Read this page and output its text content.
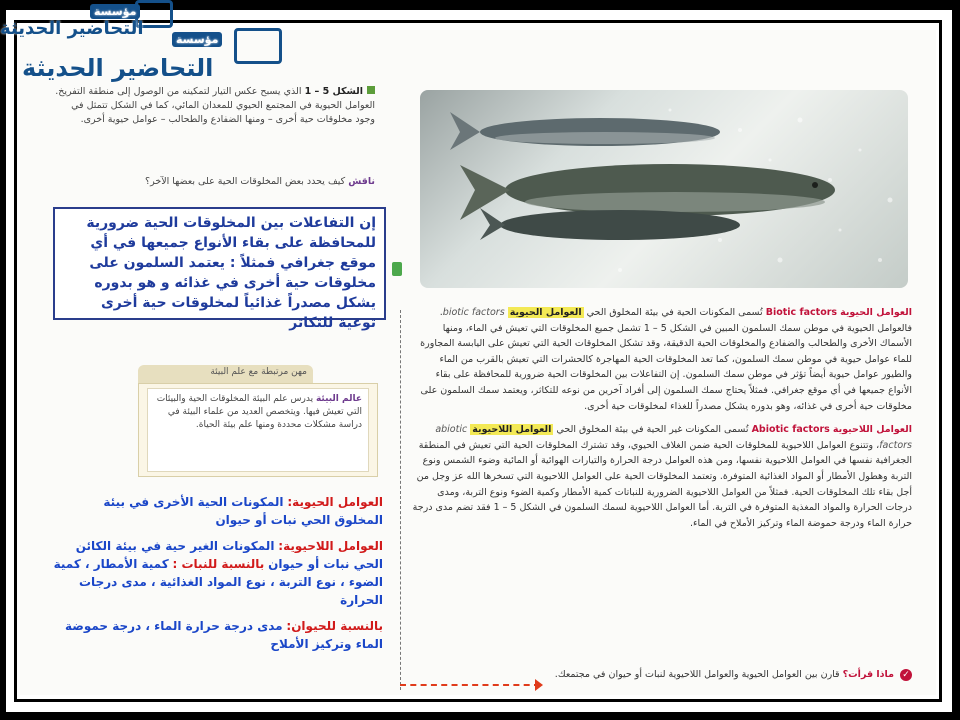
الشكل 5 – 1 الذي يسبح عكس التيار لتمكينه من الوصول إلى منطقة التفريخ. العوامل الحيوية في المجتمع الحيوي للمعدان المائي، كما في الشكل تتمثل في وجود مخلوقات حية أخرى – ومنها الضفادع والطحالب – عوامل حيوية أخرى.
ناقش كيف يحدد بعض المخلوقات الحية على بعضها الآخر؟
إن التفاعلات بين المخلوقات الحية ضرورية للمحافظة على بقاء الأنواع جميعها في أي موقع جغرافي فمثلاً : يعتمد السلمون على مخلوقات حية أخرى في غذائه و هو بدوره يشكل مصدراً غذائياً لمخلوقات حية أخرى توعية للتكاثر
مهن مرتبطة مع علم البيئة
عالم البيئة يدرس علم البيئة المخلوقات الحية والبيئات التي تعيش فيها. ويتخصص العديد من علماء البيئة في دراسة مشكلات محددة ومنها علم بيئة الحياة.

العوامل الحيوية: المكونات الحية الأخرى في بيئة المخلوق الحي نبات أو حيوان

العوامل اللاحيوية: المكونات الغير حية في بيئة الكائن الحي نبات أو حيوان بالنسبة للنبات : كمية الأمطار ، كمية الضوء ، نوع التربة ، نوع المواد الغذائية ، مدى درجات الحرارة

بالنسبة للحيوان: مدى درجة حرارة الماء ، درجة حموضة الماء وتركيز الأملاح

العوامل الحيوية Biotic factors تُسمى المكونات الحية في بيئة المخلوق الحي العوامل الحيوية biotic factors. فالعوامل الحيوية في موطن سمك السلمون المبين في الشكل 5 – 1 تشمل جميع المخلوقات التي تعيش في الماء، ومنها الأسماك الأخرى والطحالب والضفادع والمخلوقات الحية الدقيقة، وقد تشكل المخلوقات الحية التي تعيش على اليابسة المجاورة للماء عوامل حيوية في موطن سمك السلمون، كما تعد المخلوقات الحية المهاجرة كالحشرات التي تعيش بالقرب من الماء والطيور عوامل حيوية أيضاً تؤثر في موطن سمك السلمون. إن التفاعلات بين المخلوقات الحية ضرورية للمحافظة على بقاء الأنواع جميعها في أي موقع جغرافي. فمثلاً يحتاج سمك السلمون إلى أفراد آخرين من نوعه للتكاثر، ويعتمد سمك السلمون على مخلوقات حية أخرى في غذائه، وهو بدوره يشكل مصدراً للغذاء لمخلوقات حية أخرى.

العوامل اللاحيوية Abiotic factors تُسمى المكونات غير الحية في بيئة المخلوق الحي العوامل اللاحيوية abiotic factors، وتتنوع العوامل اللاحيوية للمخلوقات الحية ضمن الغلاف الحيوي، وقد تشترك المخلوقات الحية التي تعيش في المنطقة الجغرافية نفسها في العوامل اللاحيوية نفسها، ومن هذه العوامل درجة الحرارة والتيارات الهوائية أو المائية وضوء الشمس ونوع التربة وهطول الأمطار أو المواد الغذائية المتوفرة. وتعتمد المخلوقات الحية على العوامل اللاحيوية التي تسخرها الله عز وجل من أجل بقاء تلك المخلوقات الحية. فمثلاً من العوامل اللاحيوية الضرورية للنباتات كمية الأمطار وكمية الضوء ونوع التربة، ومدى درجات الحرارة والمواد المغذية المتوفرة في التربة. أما العوامل اللاحيوية لسمك السلمون في الشكل 5 – 1 فقد تضم مدى درجة حرارة الماء ودرجة حموضة الماء وتركيز الأملاح في الماء.

✓ ماذا قرأت؟ قارن بين العوامل الحيوية والعوامل اللاحيوية لنبات أو حيوان في مجتمعك.
مؤسسة
التحاضير الحديثة
مؤسسة
التحاضير الحديثة
